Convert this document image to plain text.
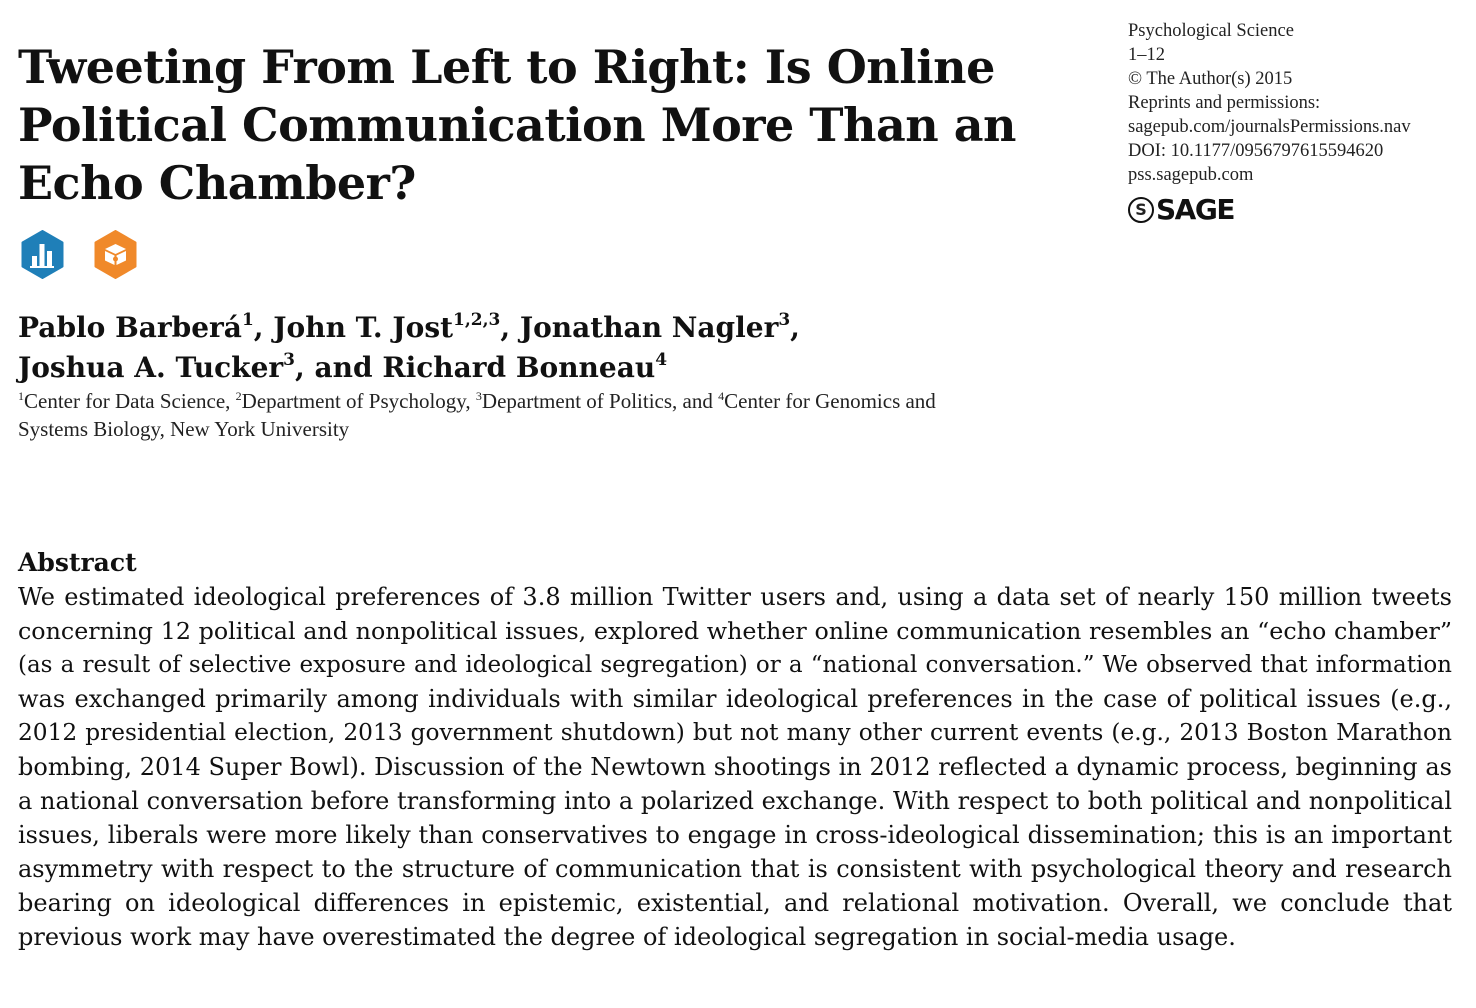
Tweeting From Left to Right: Is Online
Political Communication More Than an
Echo Chamber?
Psychological Science
1–12
© The Author(s) 2015
Reprints and permissions:
sagepub.com/journalsPermissions.nav
DOI: 10.1177/0956797615594620
pss.sagepub.com
S SAGE
Pablo Barberá$^1$, John T. Jost$^{1,2,3}$, Jonathan Nagler$^3$,
Joshua A. Tucker$^3$, and Richard Bonneau$^4$
$^1$Center for Data Science, $^2$Department of Psychology, $^3$Department of Politics, and $^4$Center for Genomics and
Systems Biology, New York University
Abstract
We estimated ideological preferences of 3.8 million Twitter users and, using a data set of nearly 150 million tweets
concerning 12 political and nonpolitical issues, explored whether online communication resembles an “echo chamber”
(as a result of selective exposure and ideological segregation) or a “national conversation.” We observed that information
was exchanged primarily among individuals with similar ideological preferences in the case of political issues (e.g.,
2012 presidential election, 2013 government shutdown) but not many other current events (e.g., 2013 Boston Marathon
bombing, 2014 Super Bowl). Discussion of the Newtown shootings in 2012 reflected a dynamic process, beginning as
a national conversation before transforming into a polarized exchange. With respect to both political and nonpolitical
issues, liberals were more likely than conservatives to engage in cross-ideological dissemination; this is an important
asymmetry with respect to the structure of communication that is consistent with psychological theory and research
bearing on ideological differences in epistemic, existential, and relational motivation. Overall, we conclude that
previous work may have overestimated the degree of ideological segregation in social-media usage.
